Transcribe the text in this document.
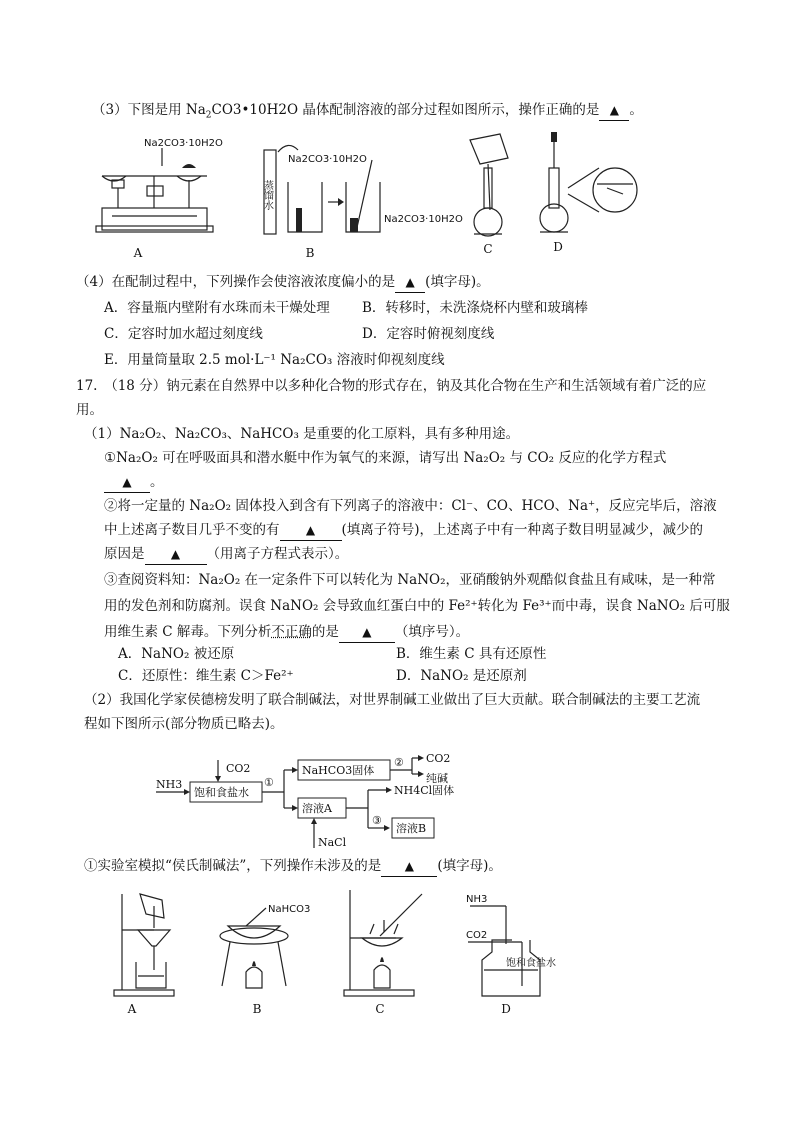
（3）下图是用 $Na_2CO3•10H2O$ 晶体配制溶液的部分过程如图所示，操作正确的是 ▲ 。
Na2CO3·10H2O
A
Na2CO3·10H2O
蒸馏水
Na2CO3·10H2O
B	C	D
（4）在配制过程中，下列操作会使溶液浓度偏小的是 ▲ (填字母)。
A．容量瓶内壁附有水珠而未干燥处理 B．转移时，未洗涤烧杯内壁和玻璃棒
C．定容时加水超过刻度线	D．定容时俯视刻度线
E．用量筒量取 2.5 mol·L⁻¹ Na₂CO₃ 溶液时仰视刻度线
17.　（18 分）钠元素在自然界中以多种化合物的形式存在，钠及其化合物在生产和生活领域有着广泛的应
用。
（1）Na₂O₂、Na₂CO₃、NaHCO₃ 是重要的化工原料，具有多种用途。
①Na₂O₂ 可在呼吸面具和潜水艇中作为氧气的来源，请写出 Na₂O₂ 与 CO₂ 反应的化学方程式
▲ 。
②将一定量的 Na₂O₂ 固体投入到含有下列离子的溶液中：Cl⁻、CO、HCO、Na⁺，反应完毕后，溶液
中上述离子数目几乎不变的有 ▲ (填离子符号)，上述离子中有一种离子数目明显减少，减少的
原因是 ▲ （用离子方程式表示）。
③查阅资料知：Na₂O₂ 在一定条件下可以转化为 NaNO₂，亚硝酸钠外观酷似食盐且有咸味，是一种常
用的发色剂和防腐剂。误食 NaNO₂ 会导致血红蛋白中的 Fe²⁺转化为 Fe³⁺而中毒，误食 NaNO₂ 后可服
用维生素 C 解毒。下列分析不正确的是 ▲ （填序号）。
A．NaNO₂ 被还原	B．维生素 C 具有还原性
C．还原性：维生素 C＞Fe²⁺	D．NaNO₂ 是还原剂
（2）我国化学家侯德榜发明了联合制碱法，对世界制碱工业做出了巨大贡献。联合制碱法的主要工艺流
程如下图所示(部分物质已略去)。
NH3
CO2
饱和食盐水
①
NaHCO3固体
② CO2
纯碱
溶液A
NH4Cl固体
③
溶液B
NaCl
①实验室模拟“侯氏制碱法”，下列操作未涉及的是 ▲ (填字母)。
A
NaHCO3
B	C
NH3
CO2
饱和食盐水
D
